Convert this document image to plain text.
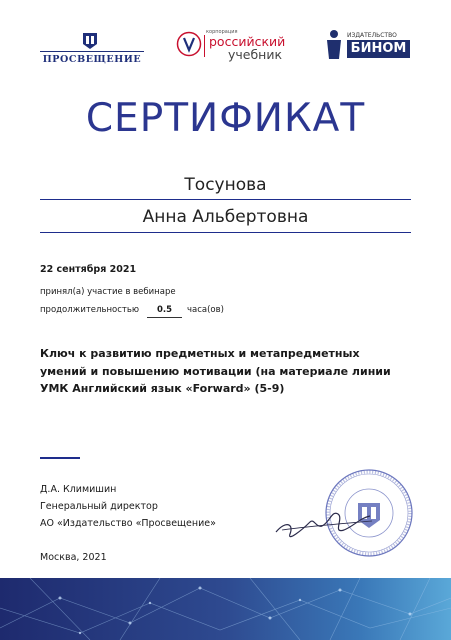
ПРОСВЕЩЕНИЕ
корпорация
российский
учебник
ИЗДАТЕЛЬСТВО
БИНОМ
СЕРТИФИКАТ
Тосунова
Анна Альбертовна
22 сентября 2021
принял(а) участие в вебинаре
продолжительностью	0.5	часа(ов)
Ключ к развитию предметных и метапредметных умений и повышению мотивации (на материале линии УМК Английский язык «Forward» (5-9)
Д.А. Климишин
Генеральный директор
АО «Издательство «Просвещение»
Москва, 2021
